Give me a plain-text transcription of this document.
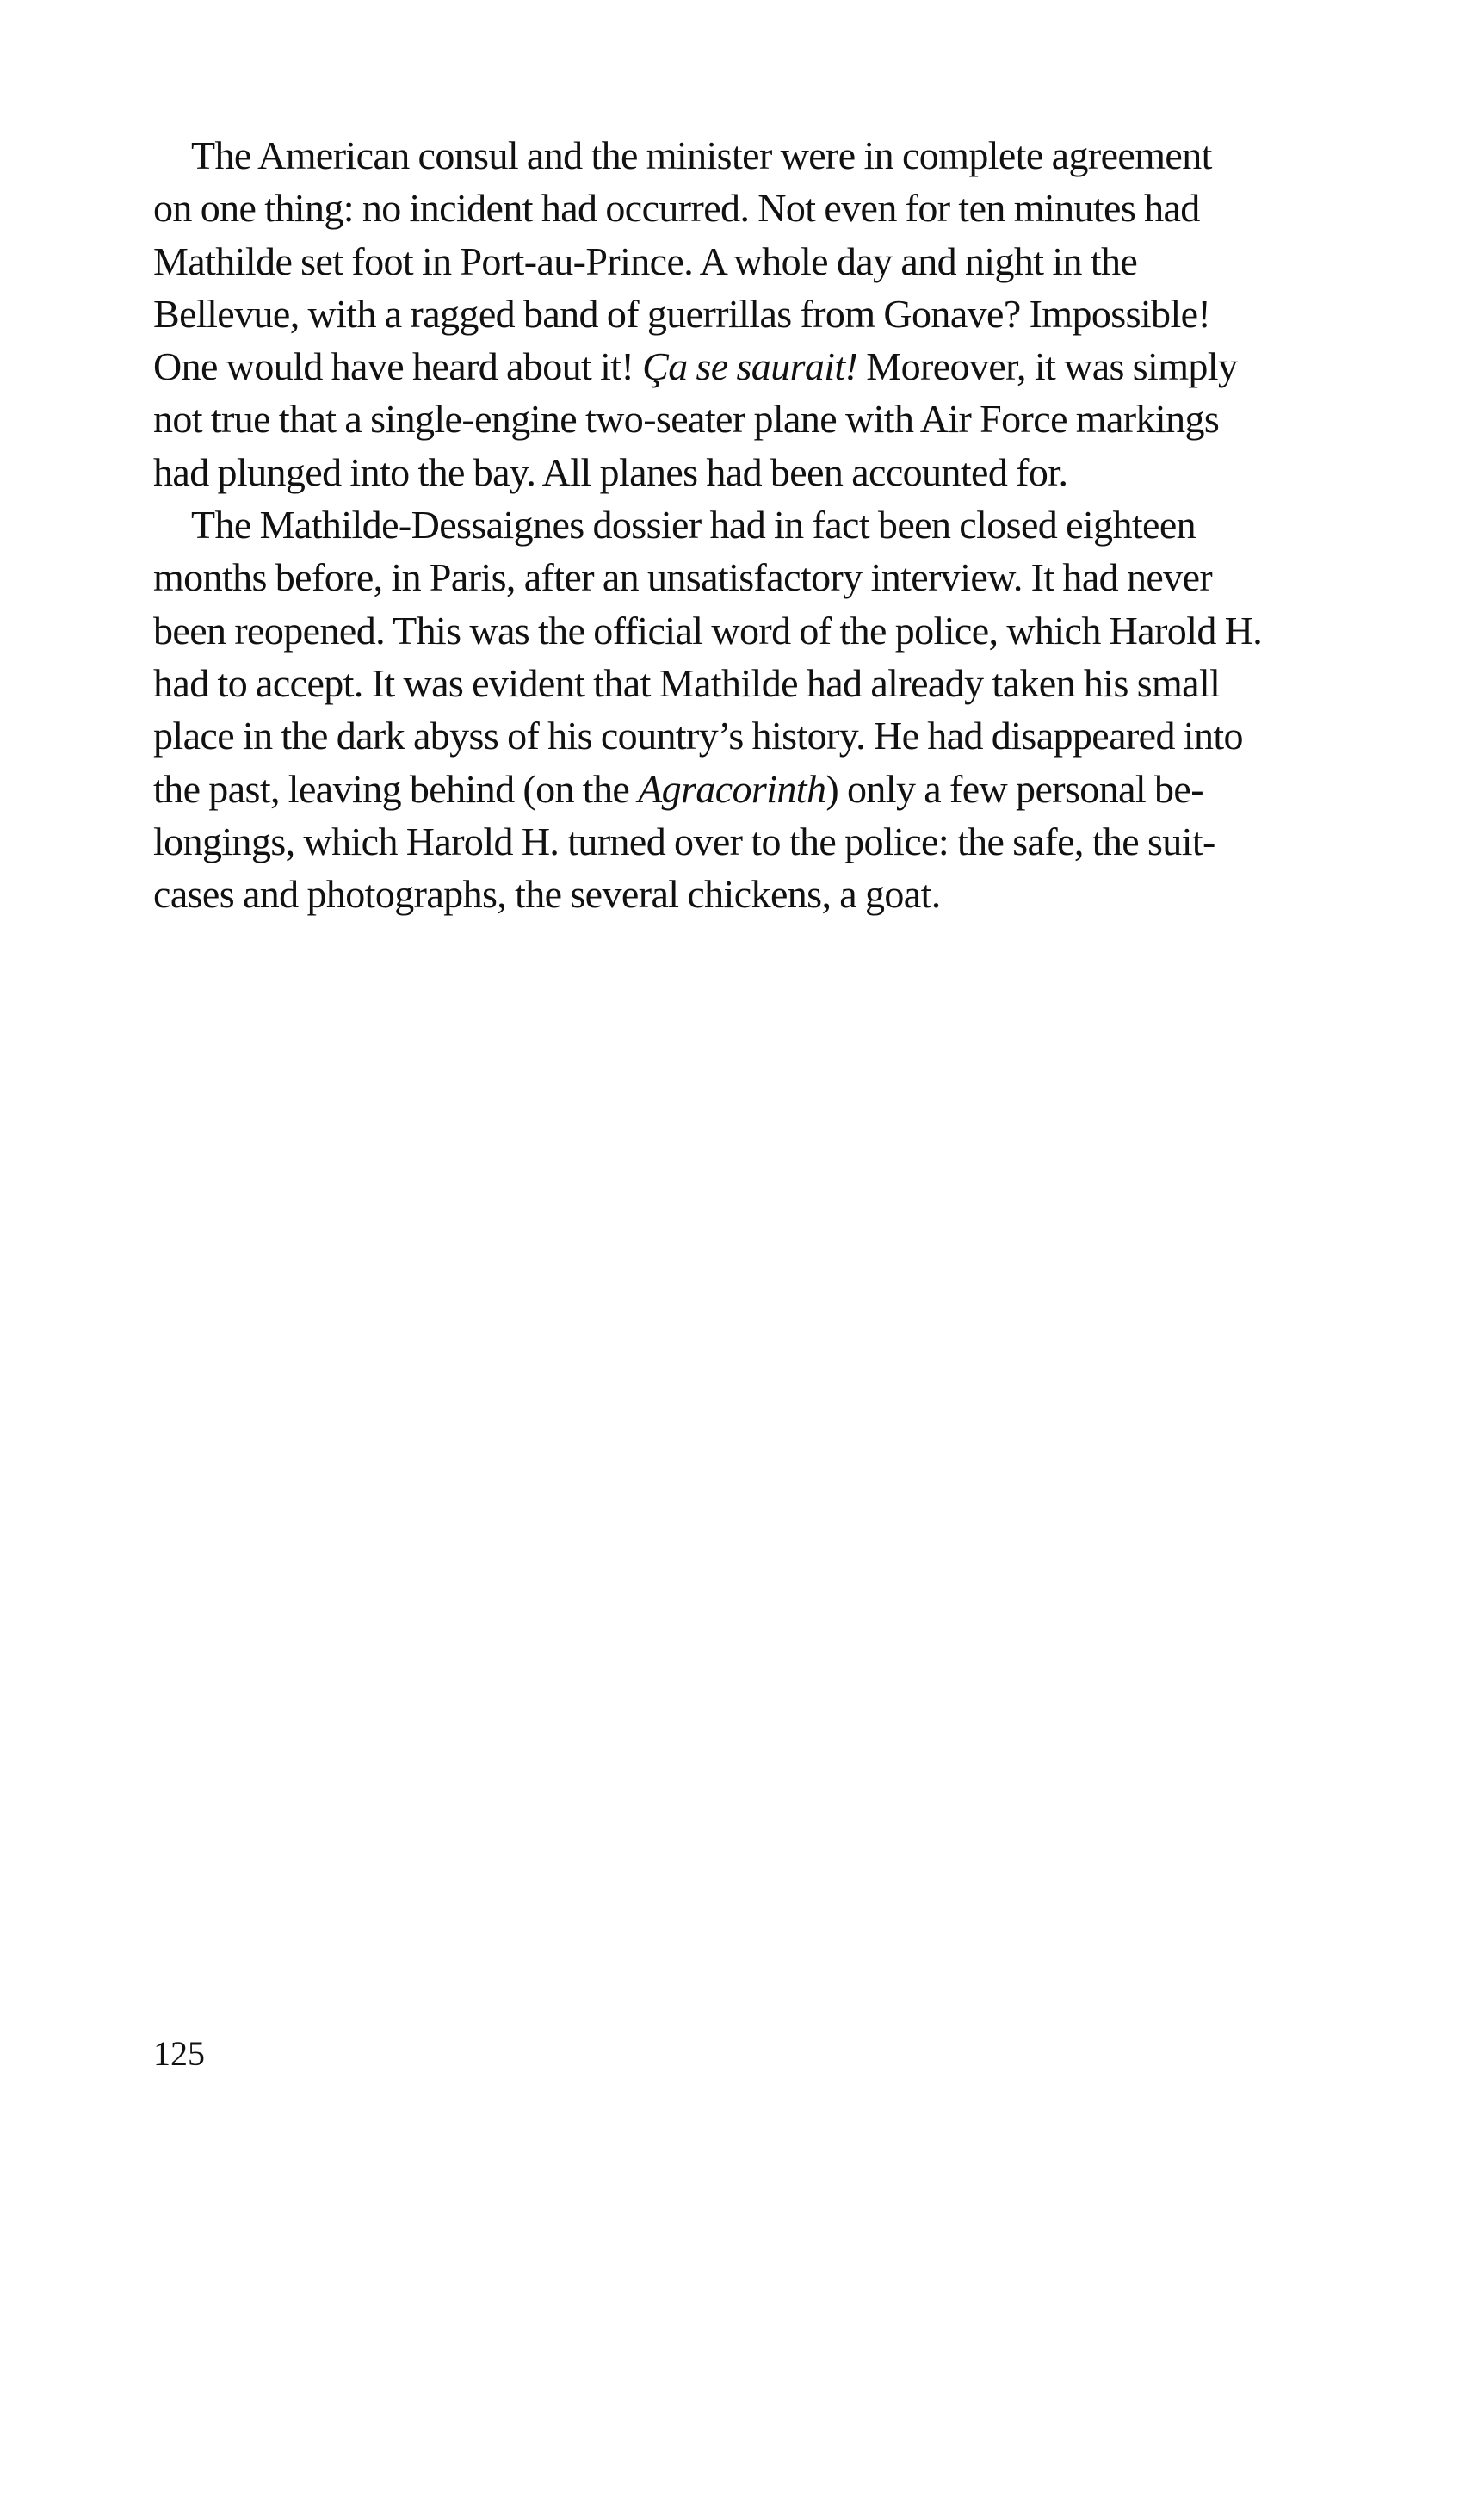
The American consul and the minister were in complete agreement
on one thing: no incident had occurred. Not even for ten minutes had
Mathilde set foot in Port-au-Prince. A whole day and night in the
Bellevue, with a ragged band of guerrillas from Gonave? Impossible!
One would have heard about it! Ça se saurait! Moreover, it was simply
not true that a single-engine two-seater plane with Air Force markings
had plunged into the bay. All planes had been accounted for.
The Mathilde-Dessaignes dossier had in fact been closed eighteen
months before, in Paris, after an unsatisfactory interview. It had never
been reopened. This was the official word of the police, which Harold H.
had to accept. It was evident that Mathilde had already taken his small
place in the dark abyss of his country’s history. He had disappeared into
the past, leaving behind (on the Agracorinth) only a few personal be-
longings, which Harold H. turned over to the police: the safe, the suit-
cases and photographs, the several chickens, a goat.
125
